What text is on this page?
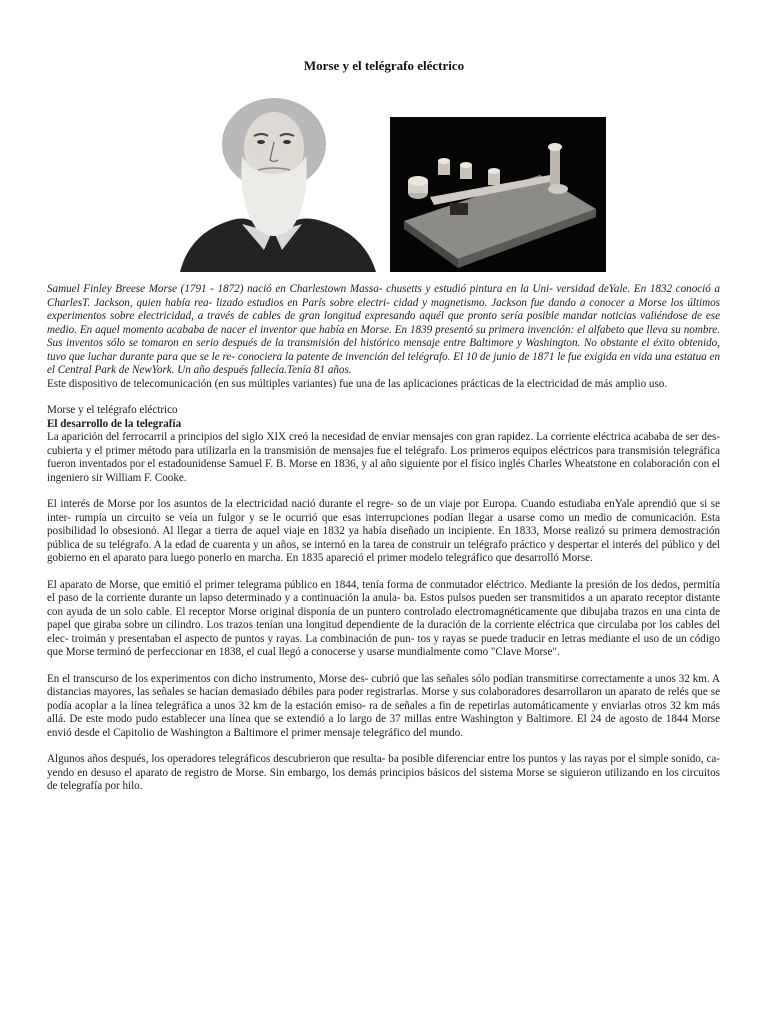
Morse y el telégrafo eléctrico

Samuel Finley Breese Morse (1791 - 1872) nació en Charlestown Massa- chusetts y estudió pintura en la Uni- versidad deYale. En 1832 conoció a CharlesT. Jackson, quien había rea- lizado estudios en París sobre electri- cidad y magnetismo. Jackson fue dando a conocer a Morse los últimos experimentos sobre electricidad, a través de cables de gran longitud expresando aquél que pronto sería posible mandar noticias valiéndose de ese medio. En aquel momento acababa de nacer el inventor que había en Morse. En 1839 presentó su primera invención: el alfabeto que lleva su nombre. Sus inventos sólo se tomaron en serio después de la transmisión del histórico mensaje entre Baltimore y Washington. No obstante el éxito obtenido, tuvo que luchar durante para que se le re- conociera la patente de invención del telégrafo. El 10 de junio de 1871 le fue exigida en vida una estatua en el Central Park de NewYork. Un año después fallecía.Tenía 81 años.

Este dispositivo de telecomunicación (en sus múltiples variantes) fue una de las aplicaciones prácticas de la electricidad de más amplio uso.

Morse y el telégrafo eléctrico

El desarrollo de la telegrafía

La aparición del ferrocarril a principios del siglo XIX creó la necesidad de enviar mensajes con gran rapidez. La corriente eléctrica acababa de ser des- cubierta y el primer método para utilizarla en la transmisión de mensajes fue el telégrafo. Los primeros equipos eléctricos para transmisión telegráfica fueron inventados por el estadounidense Samuel F. B. Morse en 1836, y al año siguiente por el físico inglés Charles Wheatstone en colaboración con el ingeniero sir William F. Cooke.

El interés de Morse por los asuntos de la electricidad nació durante el regre- so de un viaje por Europa. Cuando estudiaba enYale aprendió que si se inter- rumpía un circuito se veía un fulgor y se le ocurrió que esas interrupciones podían llegar a usarse como un medio de comunicación. Esta posibilidad lo obsesionó. Al llegar a tierra de aquel viaje en 1832 ya había diseñado un incipiente. En 1833, Morse realizó su primera demostración pública de su telégrafo. A la edad de cuarenta y un años, se internó en la tarea de construir un telégrafo práctico y despertar el interés del público y del gobierno en el aparato para luego ponerlo en marcha. En 1835 apareció el primer modelo telegráfico que desarrolló Morse.

El aparato de Morse, que emitió el primer telegrama público en 1844, tenía forma de conmutador eléctrico. Mediante la presión de los dedos, permitía el paso de la corriente durante un lapso determinado y a continuación la anula- ba. Estos pulsos pueden ser transmitidos a un aparato receptor distante con ayuda de un solo cable. El receptor Morse original disponía de un puntero controlado electromagnéticamente que dibujaba trazos en una cinta de papel que giraba sobre un cilindro. Los trazos tenían una longitud dependiente de la duración de la corriente eléctrica que circulaba por los cables del elec- troimán y presentaban el aspecto de puntos y rayas. La combinación de pun- tos y rayas se puede traducir en letras mediante el uso de un código que Morse terminó de perfeccionar en 1838, el cual llegó a conocerse y usarse mundialmente como "Clave Morse".

En el transcurso de los experimentos con dicho instrumento, Morse des- cubrió que las señales sólo podían transmitirse correctamente a unos 32 km. A distancias mayores, las señales se hacían demasiado débiles para poder registrarlas. Morse y sus colaboradores desarrollaron un aparato de relés que se podía acoplar a la línea telegráfica a unos 32 km de la estación emiso- ra de señales a fin de repetirlas automáticamente y enviarlas otros 32 km más allá. De este modo pudo establecer una línea que se extendió a lo largo de 37 millas entre Washington y Baltimore. El 24 de agosto de 1844 Morse envió desde el Capitolio de Washington a Baltimore el primer mensaje telegráfico del mundo.

Algunos años después, los operadores telegráficos descubrieron que resulta- ba posible diferenciar entre los puntos y las rayas por el simple sonido, ca- yendo en desuso el aparato de registro de Morse. Sin embargo, los demás principios básicos del sistema Morse se siguieron utilizando en los circuitos de telegrafía por hilo.
